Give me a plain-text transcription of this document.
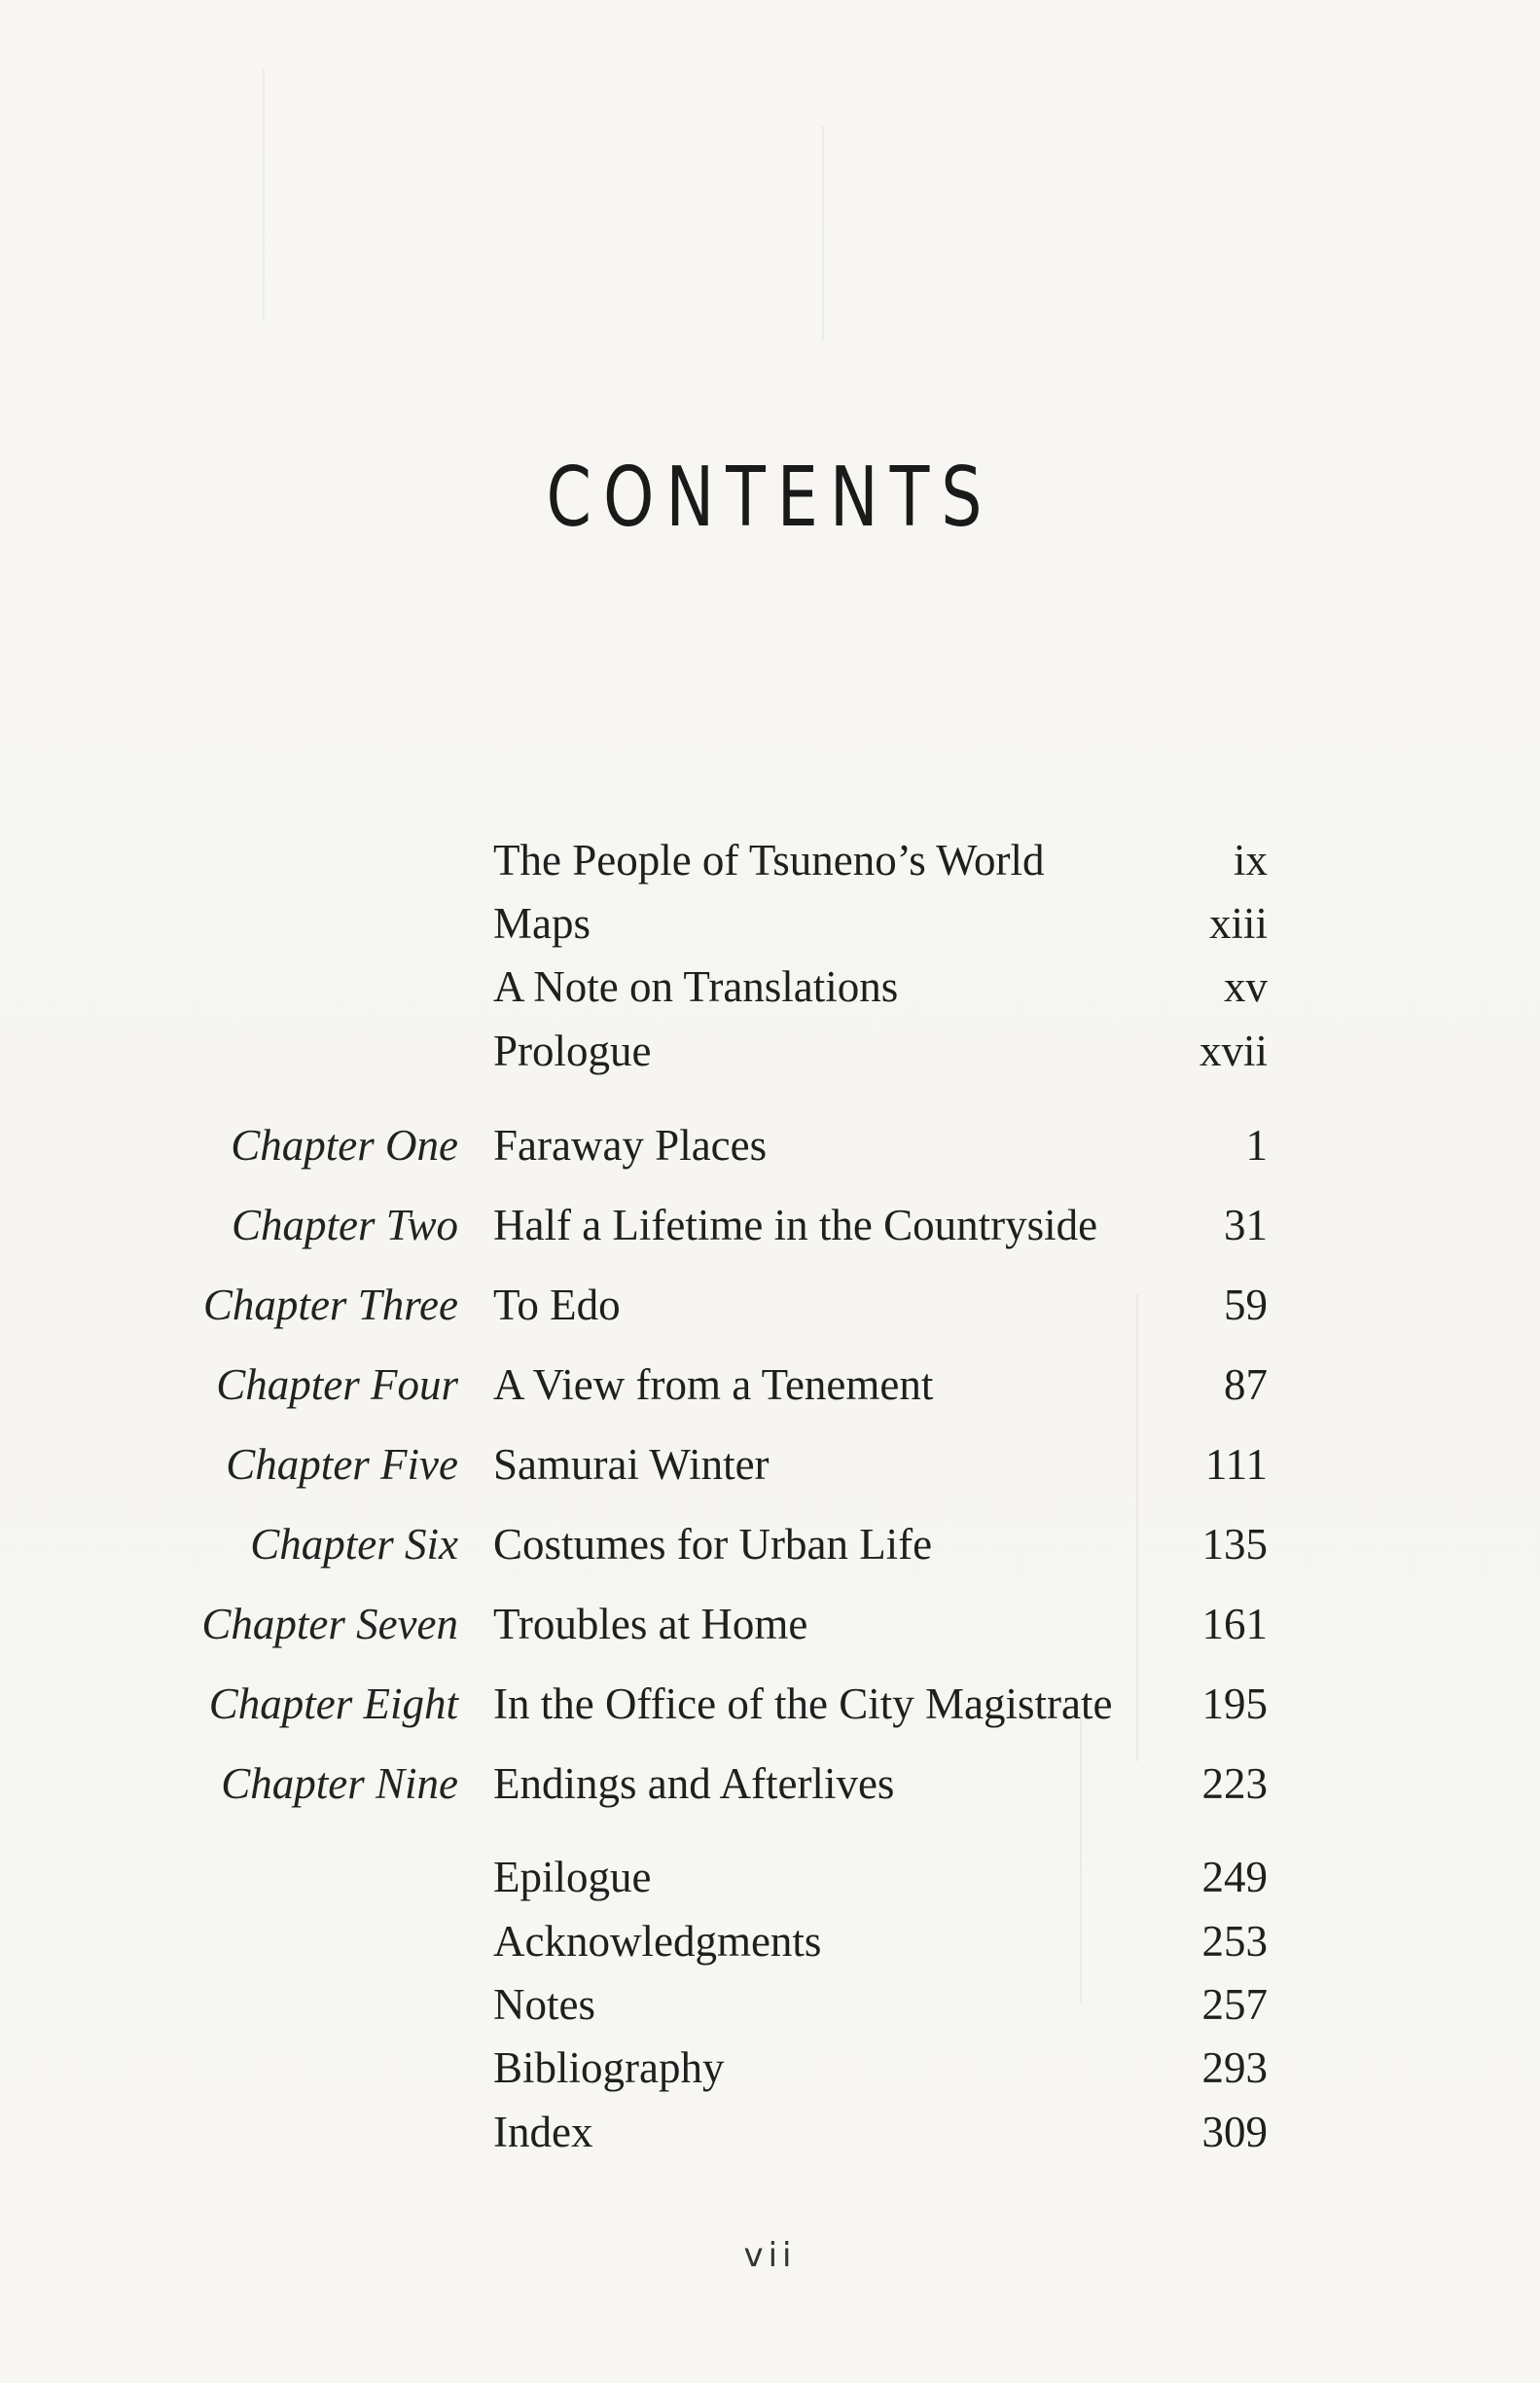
CONTENTS
The People of Tsuneno’s World	ix
Maps	xiii
A Note on Translations	xv
Prologue	xvii
Chapter One Faraway Places	1
Chapter Two Half a Lifetime in the Countryside	31
Chapter Three To Edo	59
Chapter Four A View from a Tenement	87
Chapter Five Samurai Winter	111
Chapter Six Costumes for Urban Life	135
Chapter Seven Troubles at Home	161
Chapter Eight In the Office of the City Magistrate 195
Chapter Nine Endings and Afterlives	223
Epilogue	249
Acknowledgments	253
Notes	257
Bibliography	293
Index	309
vii
